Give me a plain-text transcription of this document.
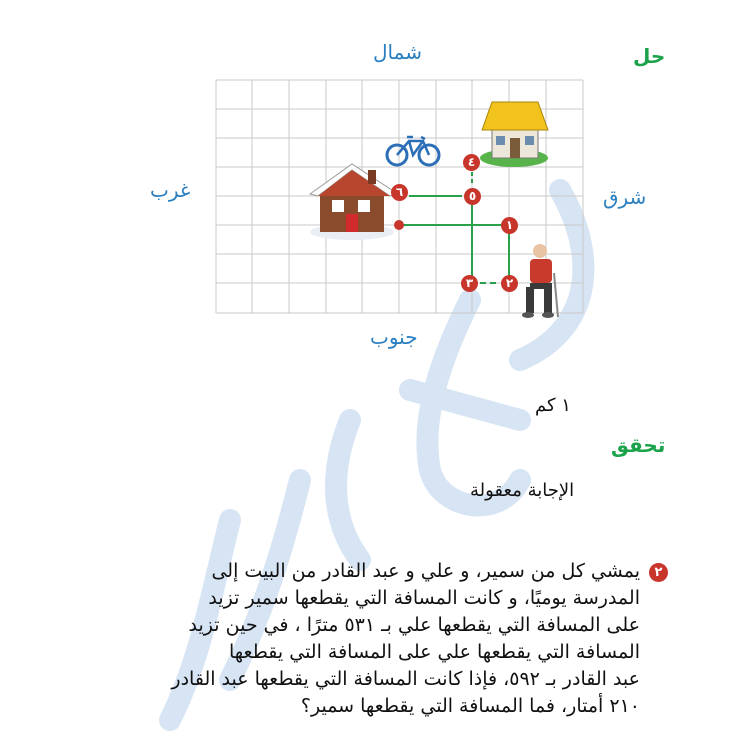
حل
شمال
جنوب
شرق
غرب
١
٢
٣
٤
٥
٦
١ كم
تحقق
الإجابة معقولة
٢
يمشي كل من سمير، و علي و عبد القادر من البيت إلى
المدرسة يوميًا، و كانت المسافة التي يقطعها سمير تزيد
على المسافة التي يقطعها علي بـ ٥٣١ مترًا ، في حين تزيد
المسافة التي يقطعها علي على المسافة التي يقطعها
عبد القادر بـ ٥٩٢، فإذا كانت المسافة التي يقطعها عبد القادر
٢١٠ أمتار، فما المسافة التي يقطعها سمير؟
